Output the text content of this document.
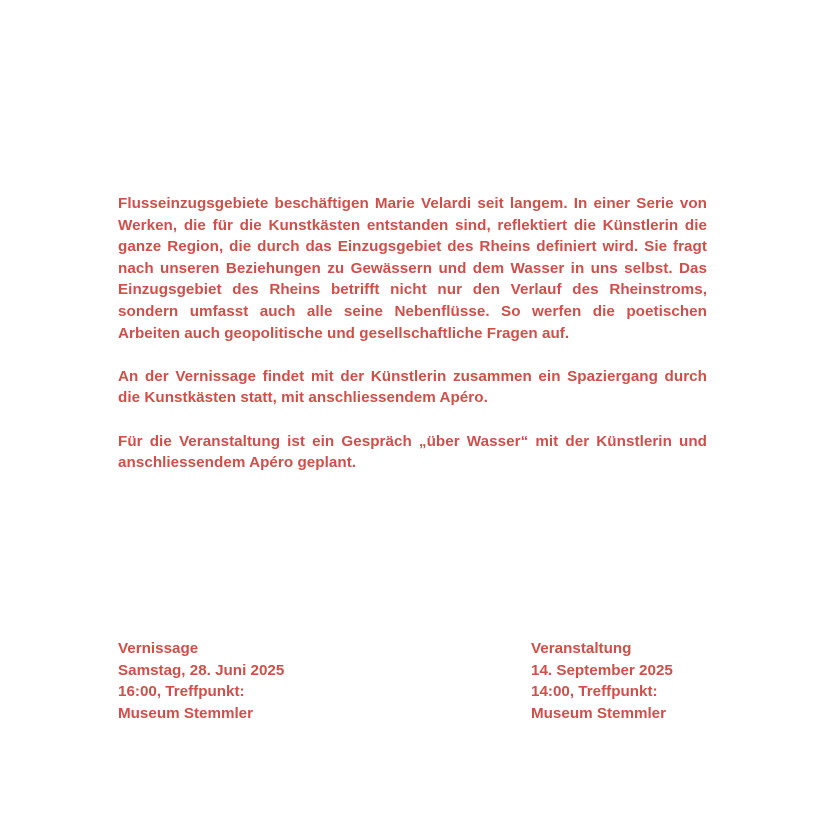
Flusseinzugsgebiete beschäftigen Marie Velardi seit langem. In einer Serie von Werken, die für die Kunstkästen entstanden sind, reflektiert die Künstlerin die ganze Region, die durch das Einzugsgebiet des Rheins definiert wird. Sie fragt nach unseren Beziehungen zu Gewässern und dem Wasser in uns selbst. Das Einzugsgebiet des Rheins betrifft nicht nur den Verlauf des Rheinstroms, sondern umfasst auch alle seine Nebenflüsse. So werfen die poetischen Arbeiten auch geopolitische und gesellschaftliche Fragen auf.

An der Vernissage findet mit der Künstlerin zusammen ein Spaziergang durch die Kunstkästen statt, mit anschliessendem Apéro.

Für die Veranstaltung ist ein Gespräch „über Wasser“ mit der Künstlerin und anschliessendem Apéro geplant.

Vernissage
Samstag, 28. Juni 2025
16:00, Treffpunkt:
Museum Stemmler
Veranstaltung
14. September 2025
14:00, Treffpunkt:
Museum Stemmler
